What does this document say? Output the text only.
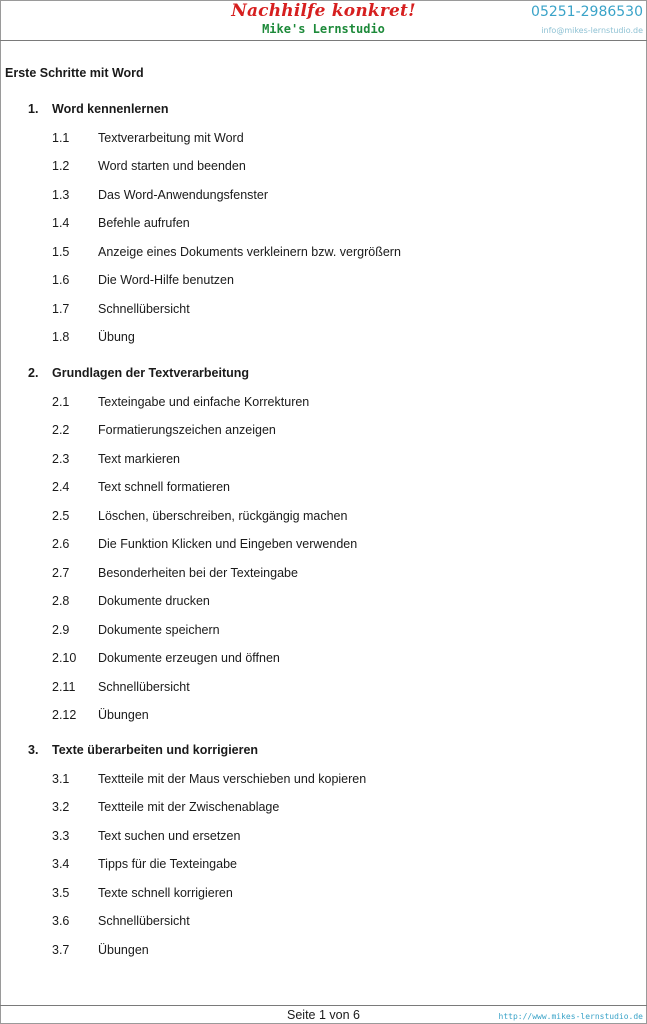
Nachhilfe konkret!
Mike's Lernstudio
05251-2986530
info@mikes-lernstudio.de
Erste Schritte mit Word
1. Word kennenlernen
1.1 Textverarbeitung mit Word
1.2 Word starten und beenden
1.3 Das Word-Anwendungsfenster
1.4 Befehle aufrufen
1.5 Anzeige eines Dokuments verkleinern bzw. vergrößern
1.6 Die Word-Hilfe benutzen
1.7 Schnellübersicht
1.8 Übung
2. Grundlagen der Textverarbeitung
2.1 Texteingabe und einfache Korrekturen
2.2 Formatierungszeichen anzeigen
2.3 Text markieren
2.4 Text schnell formatieren
2.5 Löschen, überschreiben, rückgängig machen
2.6 Die Funktion Klicken und Eingeben verwenden
2.7 Besonderheiten bei der Texteingabe
2.8 Dokumente drucken
2.9 Dokumente speichern
2.10 Dokumente erzeugen und öffnen
2.11 Schnellübersicht
2.12 Übungen
3. Texte überarbeiten und korrigieren
3.1 Textteile mit der Maus verschieben und kopieren
3.2 Textteile mit der Zwischenablage
3.3 Text suchen und ersetzen
3.4 Tipps für die Texteingabe
3.5 Texte schnell korrigieren
3.6 Schnellübersicht
3.7 Übungen
Seite 1 von 6	http://www.mikes-lernstudio.de
